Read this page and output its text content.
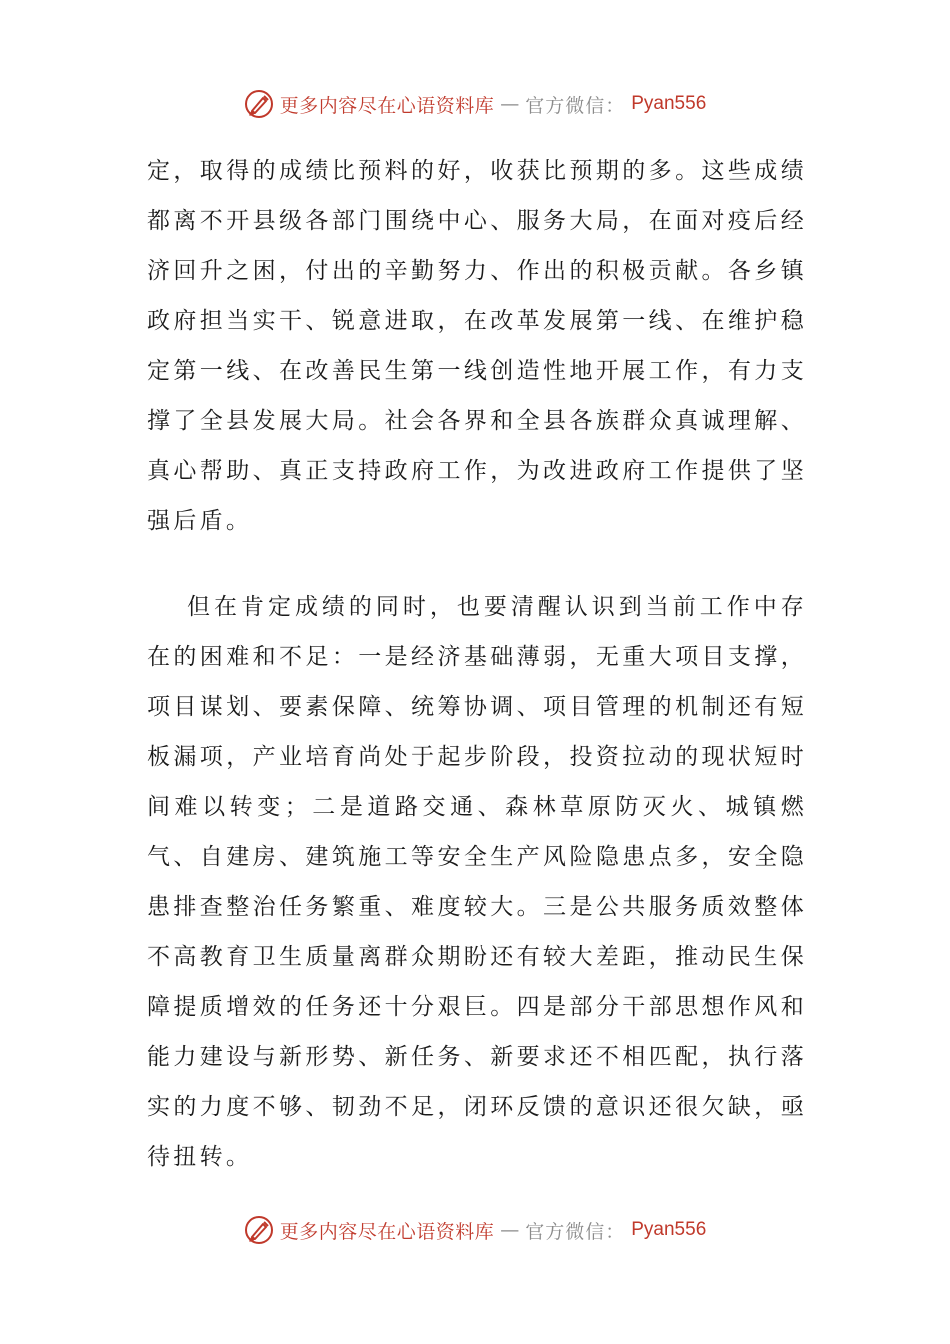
更多内容尽在心语资料库 — 官方微信： Pyan556

定，取得的成绩比预料的好，收获比预期的多。这些成绩都离不开县级各部门围绕中心、服务大局，在面对疫后经济回升之困，付出的辛勤努力、作出的积极贡献。各乡镇政府担当实干、锐意进取，在改革发展第一线、在维护稳定第一线、在改善民生第一线创造性地开展工作，有力支撑了全县发展大局。社会各界和全县各族群众真诚理解、真心帮助、真正支持政府工作，为改进政府工作提供了坚强后盾。

但在肯定成绩的同时，也要清醒认识到当前工作中存在的困难和不足：一是经济基础薄弱，无重大项目支撑，项目谋划、要素保障、统筹协调、项目管理的机制还有短板漏项，产业培育尚处于起步阶段，投资拉动的现状短时间难以转变；二是道路交通、森林草原防灭火、城镇燃气、自建房、建筑施工等安全生产风险隐患点多，安全隐患排查整治任务繁重、难度较大。三是公共服务质效整体不高教育卫生质量离群众期盼还有较大差距，推动民生保障提质增效的任务还十分艰巨。四是部分干部思想作风和能力建设与新形势、新任务、新要求还不相匹配，执行落实的力度不够、韧劲不足，闭环反馈的意识还很欠缺，亟待扭转。

更多内容尽在心语资料库 — 官方微信： Pyan556
